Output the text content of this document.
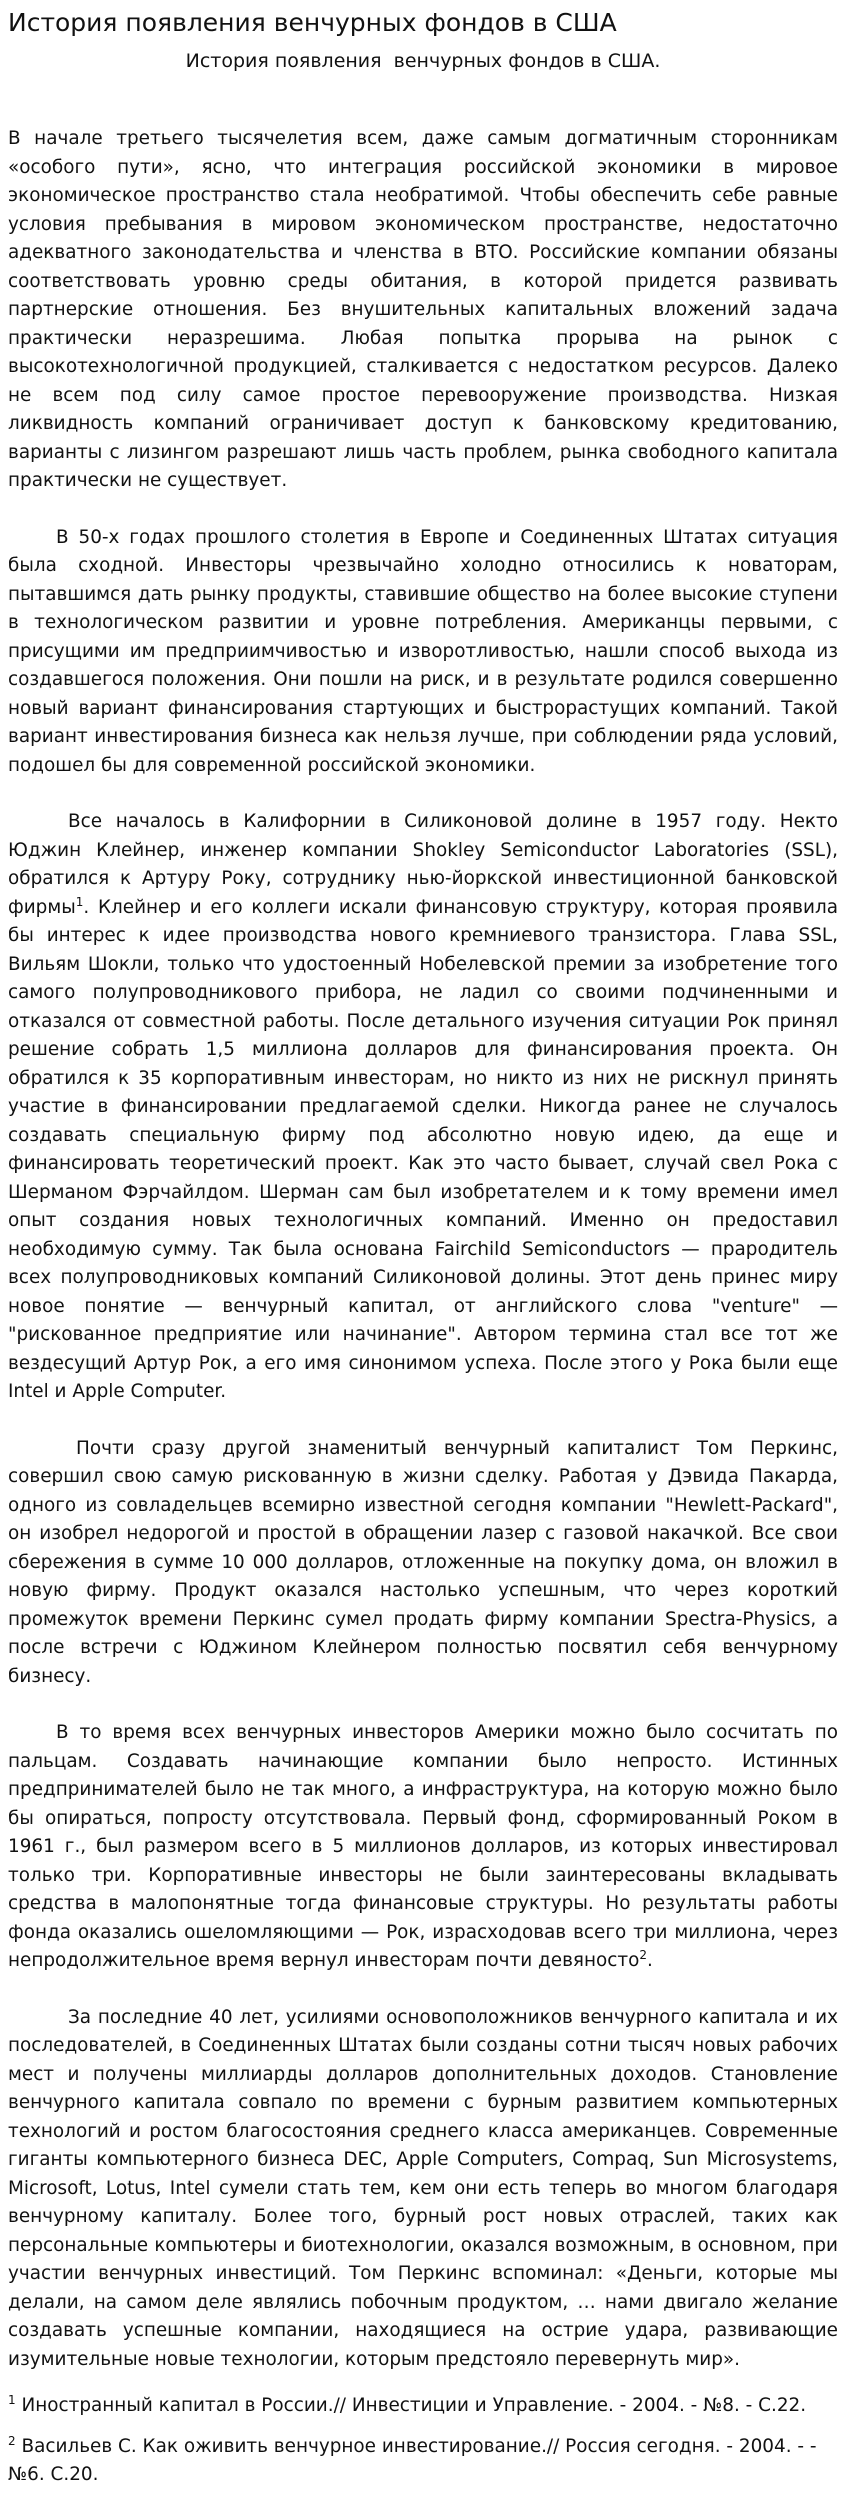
История появления венчурных фондов в США
История появления  венчурных фондов в США.

В начале третьего тысячелетия всем, даже самым догматичным сторонникам «особого пути», ясно, что интеграция российской экономики в мировое экономическое пространство стала необратимой. Чтобы обеспечить себе равные условия пребывания в мировом экономическом пространстве, недостаточно адекватного законодательства и членства в ВТО. Российские компании обязаны соответствовать уровню среды обитания, в которой придется развивать партнерские отношения. Без внушительных капитальных вложений задача практически неразрешима. Любая попытка прорыва на рынок с высокотехнологичной продукцией, сталкивается с недостатком ресурсов. Далеко не всем под силу самое простое перевооружение производства. Низкая ликвидность компаний ограничивает доступ к банковскому кредитованию, варианты с лизингом разрешают лишь часть проблем, рынка свободного капитала практически не существует.

В 50-х годах прошлого столетия в Европе и Соединенных Штатах ситуация была сходной. Инвесторы чрезвычайно холодно относились к новаторам, пытавшимся дать рынку продукты, ставившие общество на более высокие ступени в технологическом развитии и уровне потребления. Американцы первыми, с присущими им предприимчивостью и изворотливостью, нашли способ выхода из создавшегося положения. Они пошли на риск, и в результате родился совершенно новый вариант финансирования стартующих и быстрорастущих компаний. Такой вариант инвестирования бизнеса как нельзя лучше, при соблюдении ряда условий, подошел бы для современной российской экономики.

Все началось в Калифорнии в Силиконовой долине в 1957 году. Некто Юджин Клейнер, инженер компании Shokley Semiconductor Laboratories (SSL), обратился к Артуру Року, сотруднику нью-йоркской инвестиционной банковской фирмы$^1$. Клейнер и его коллеги искали финансовую структуру, которая проявила бы интерес к идее производства нового кремниевого транзистора. Глава SSL, Вильям Шокли, только что удостоенный Нобелевской премии за изобретение того самого полупроводникового прибора, не ладил со своими подчиненными и отказался от совместной работы. После детального изучения ситуации Рок принял решение собрать 1,5 миллиона долларов для финансирования проекта. Он обратился к 35 корпоративным инвесторам, но никто из них не рискнул принять участие в финансировании предлагаемой сделки. Никогда ранее не случалось создавать специальную фирму под абсолютно новую идею, да еще и финансировать теоретический проект. Как это часто бывает, случай свел Рока с Шерманом Фэрчайлдом. Шерман сам был изобретателем и к тому времени имел опыт создания новых технологичных компаний. Именно он предоставил необходимую сумму. Так была основана Fairchild Semiconductors — прародитель всех полупроводниковых компаний Силиконовой долины. Этот день принес миру новое понятие — венчурный капитал, от английского слова "venture" — "рискованное предприятие или начинание". Автором термина стал все тот же вездесущий Артур Рок, а его имя синонимом успеха. После этого у Рока были еще Intel и Apple Computer.

Почти сразу другой знаменитый венчурный капиталист Том Перкинс, совершил свою самую рискованную в жизни сделку. Работая у Дэвида Пакарда, одного из совладельцев всемирно известной сегодня компании "Hewlett-Packard", он изобрел недорогой и простой в обращении лазер с газовой накачкой. Все свои сбережения в сумме 10 000 долларов, отложенные на покупку дома, он вложил в новую фирму. Продукт оказался настолько успешным, что через короткий промежуток времени Перкинс сумел продать фирму компании Spectra-Physics, а после встречи с Юджином Клейнером полностью посвятил себя венчурному бизнесу.

В то время всех венчурных инвесторов Америки можно было сосчитать по пальцам. Создавать начинающие компании было непросто. Истинных предпринимателей было не так много, а инфраструктура, на которую можно было бы опираться, попросту отсутствовала. Первый фонд, сформированный Роком в 1961 г., был размером всего в 5 миллионов долларов, из которых инвестировал только три. Корпоративные инвесторы не были заинтересованы вкладывать средства в малопонятные тогда финансовые структуры. Но результаты работы фонда оказались ошеломляющими — Рок, израсходовав всего три миллиона, через непродолжительное время вернул инвесторам почти девяносто$^2$.

За последние 40 лет, усилиями основоположников венчурного капитала и их последователей, в Соединенных Штатах были созданы сотни тысяч новых рабочих мест и получены миллиарды долларов дополнительных доходов. Становление венчурного капитала совпало по времени с бурным развитием компьютерных технологий и ростом благосостояния среднего класса американцев. Современные гиганты компьютерного бизнеса DEC, Apple Computers, Compaq, Sun Microsystems, Microsoft, Lotus, Intel сумели стать тем, кем они есть теперь во многом благодаря венчурному капиталу. Более того, бурный рост новых отраслей, таких как персональные компьютеры и биотехнологии, оказался возможным, в основном, при участии венчурных инвестиций. Том Перкинс вспоминал: «Деньги, которые мы делали, на самом деле являлись побочным продуктом, … нами двигало желание создавать успешные компании, находящиеся на острие удара, развивающие изумительные новые технологии, которым предстояло перевернуть мир».

$^1$ Иностранный капитал в России.// Инвестиции и Управление. - 2004. - №8. - С.22.

$^2$ Васильев С. Как оживить венчурное инвестирование.// Россия сегодня. - 2004. - - №6. С.20.
